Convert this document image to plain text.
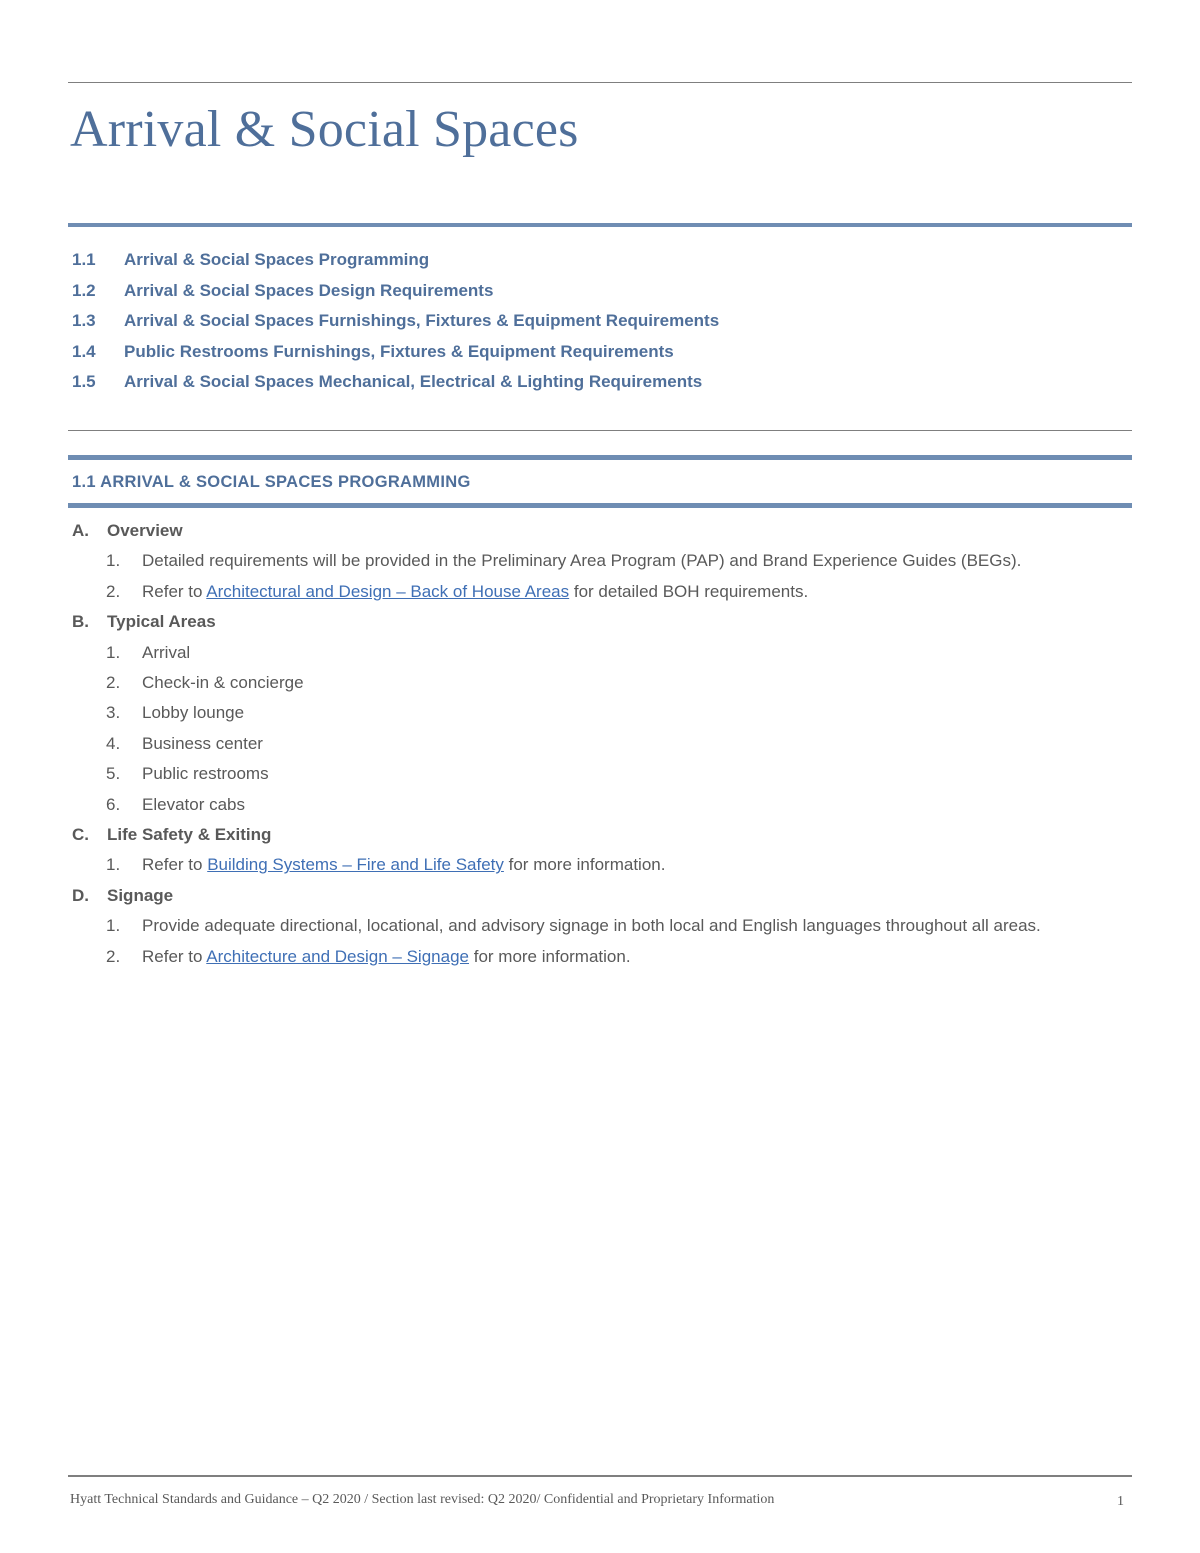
Arrival & Social Spaces
1.1 Arrival & Social Spaces Programming
1.2 Arrival & Social Spaces Design Requirements
1.3 Arrival & Social Spaces Furnishings, Fixtures & Equipment Requirements
1.4 Public Restrooms Furnishings, Fixtures & Equipment Requirements
1.5 Arrival & Social Spaces Mechanical, Electrical & Lighting Requirements
1.1 ARRIVAL & SOCIAL SPACES PROGRAMMING
A. Overview
1. Detailed requirements will be provided in the Preliminary Area Program (PAP) and Brand Experience Guides (BEGs).
2. Refer to Architectural and Design – Back of House Areas for detailed BOH requirements.
B. Typical Areas
1. Arrival
2. Check-in & concierge
3. Lobby lounge
4. Business center
5. Public restrooms
6. Elevator cabs
C. Life Safety & Exiting
1. Refer to Building Systems – Fire and Life Safety for more information.
D. Signage
1. Provide adequate directional, locational, and advisory signage in both local and English languages throughout all areas.
2. Refer to Architecture and Design – Signage for more information.
Hyatt Technical Standards and Guidance – Q2 2020 / Section last revised: Q2 2020/ Confidential and Proprietary Information	1
